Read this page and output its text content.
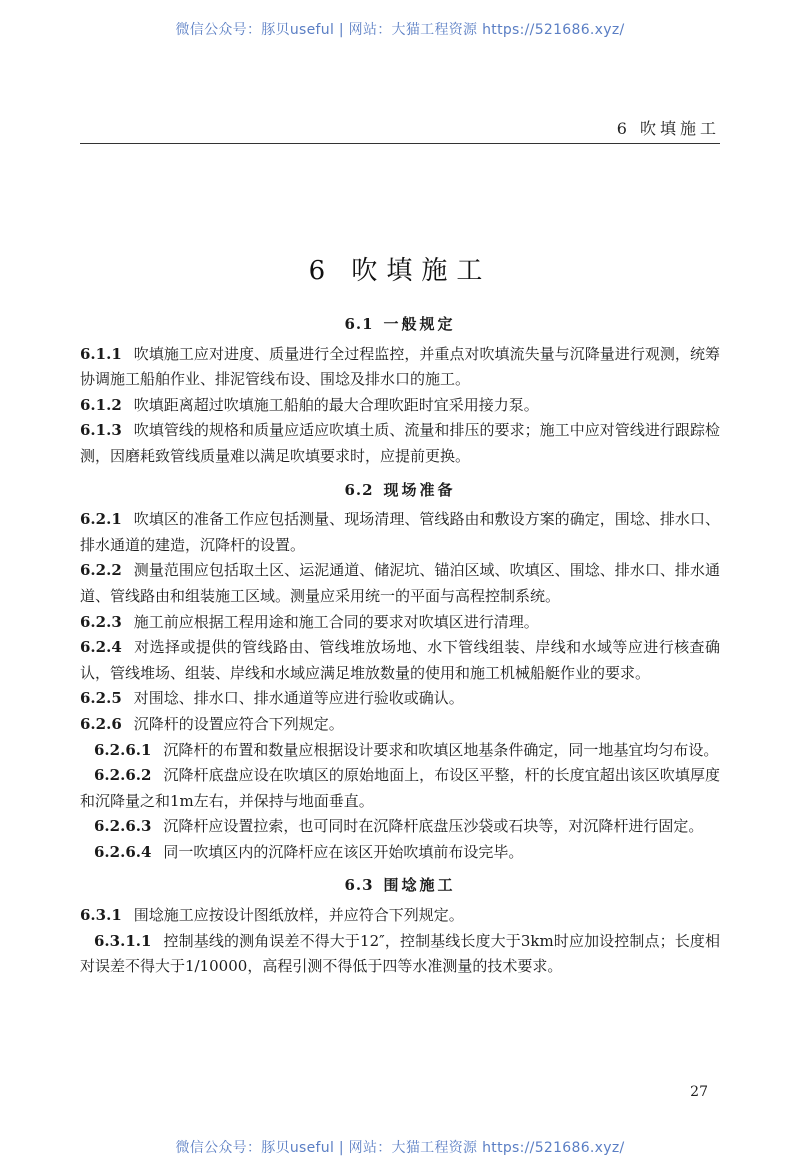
微信公众号：豚贝useful | 网站：大猫工程资源 https://521686.xyz/
6 吹填施工
6 吹填施工
6.1 一般规定

6.1.1 吹填施工应对进度、质量进行全过程监控，并重点对吹填流失量与沉降量进行观测，统筹协调施工船舶作业、排泥管线布设、围埝及排水口的施工。

6.1.2 吹填距离超过吹填施工船舶的最大合理吹距时宜采用接力泵。

6.1.3 吹填管线的规格和质量应适应吹填土质、流量和排压的要求；施工中应对管线进行跟踪检测，因磨耗致管线质量难以满足吹填要求时，应提前更换。

6.2 现场准备

6.2.1 吹填区的准备工作应包括测量、现场清理、管线路由和敷设方案的确定，围埝、排水口、排水通道的建造，沉降杆的设置。

6.2.2 测量范围应包括取土区、运泥通道、储泥坑、锚泊区域、吹填区、围埝、排水口、排水通道、管线路由和组装施工区域。测量应采用统一的平面与高程控制系统。

6.2.3 施工前应根据工程用途和施工合同的要求对吹填区进行清理。

6.2.4 对选择或提供的管线路由、管线堆放场地、水下管线组装、岸线和水域等应进行核查确认，管线堆场、组装、岸线和水域应满足堆放数量的使用和施工机械船艇作业的要求。

6.2.5 对围埝、排水口、排水通道等应进行验收或确认。

6.2.6 沉降杆的设置应符合下列规定。

6.2.6.1 沉降杆的布置和数量应根据设计要求和吹填区地基条件确定，同一地基宜均匀布设。

6.2.6.2 沉降杆底盘应设在吹填区的原始地面上，布设区平整，杆的长度宜超出该区吹填厚度和沉降量之和1m左右，并保持与地面垂直。

6.2.6.3 沉降杆应设置拉索，也可同时在沉降杆底盘压沙袋或石块等，对沉降杆进行固定。

6.2.6.4 同一吹填区内的沉降杆应在该区开始吹填前布设完毕。

6.3 围埝施工

6.3.1 围埝施工应按设计图纸放样，并应符合下列规定。

6.3.1.1 控制基线的测角误差不得大于12″，控制基线长度大于3km时应加设控制点；长度相对误差不得大于1/10000，高程引测不得低于四等水准测量的技术要求。

27
微信公众号：豚贝useful | 网站：大猫工程资源 https://521686.xyz/
